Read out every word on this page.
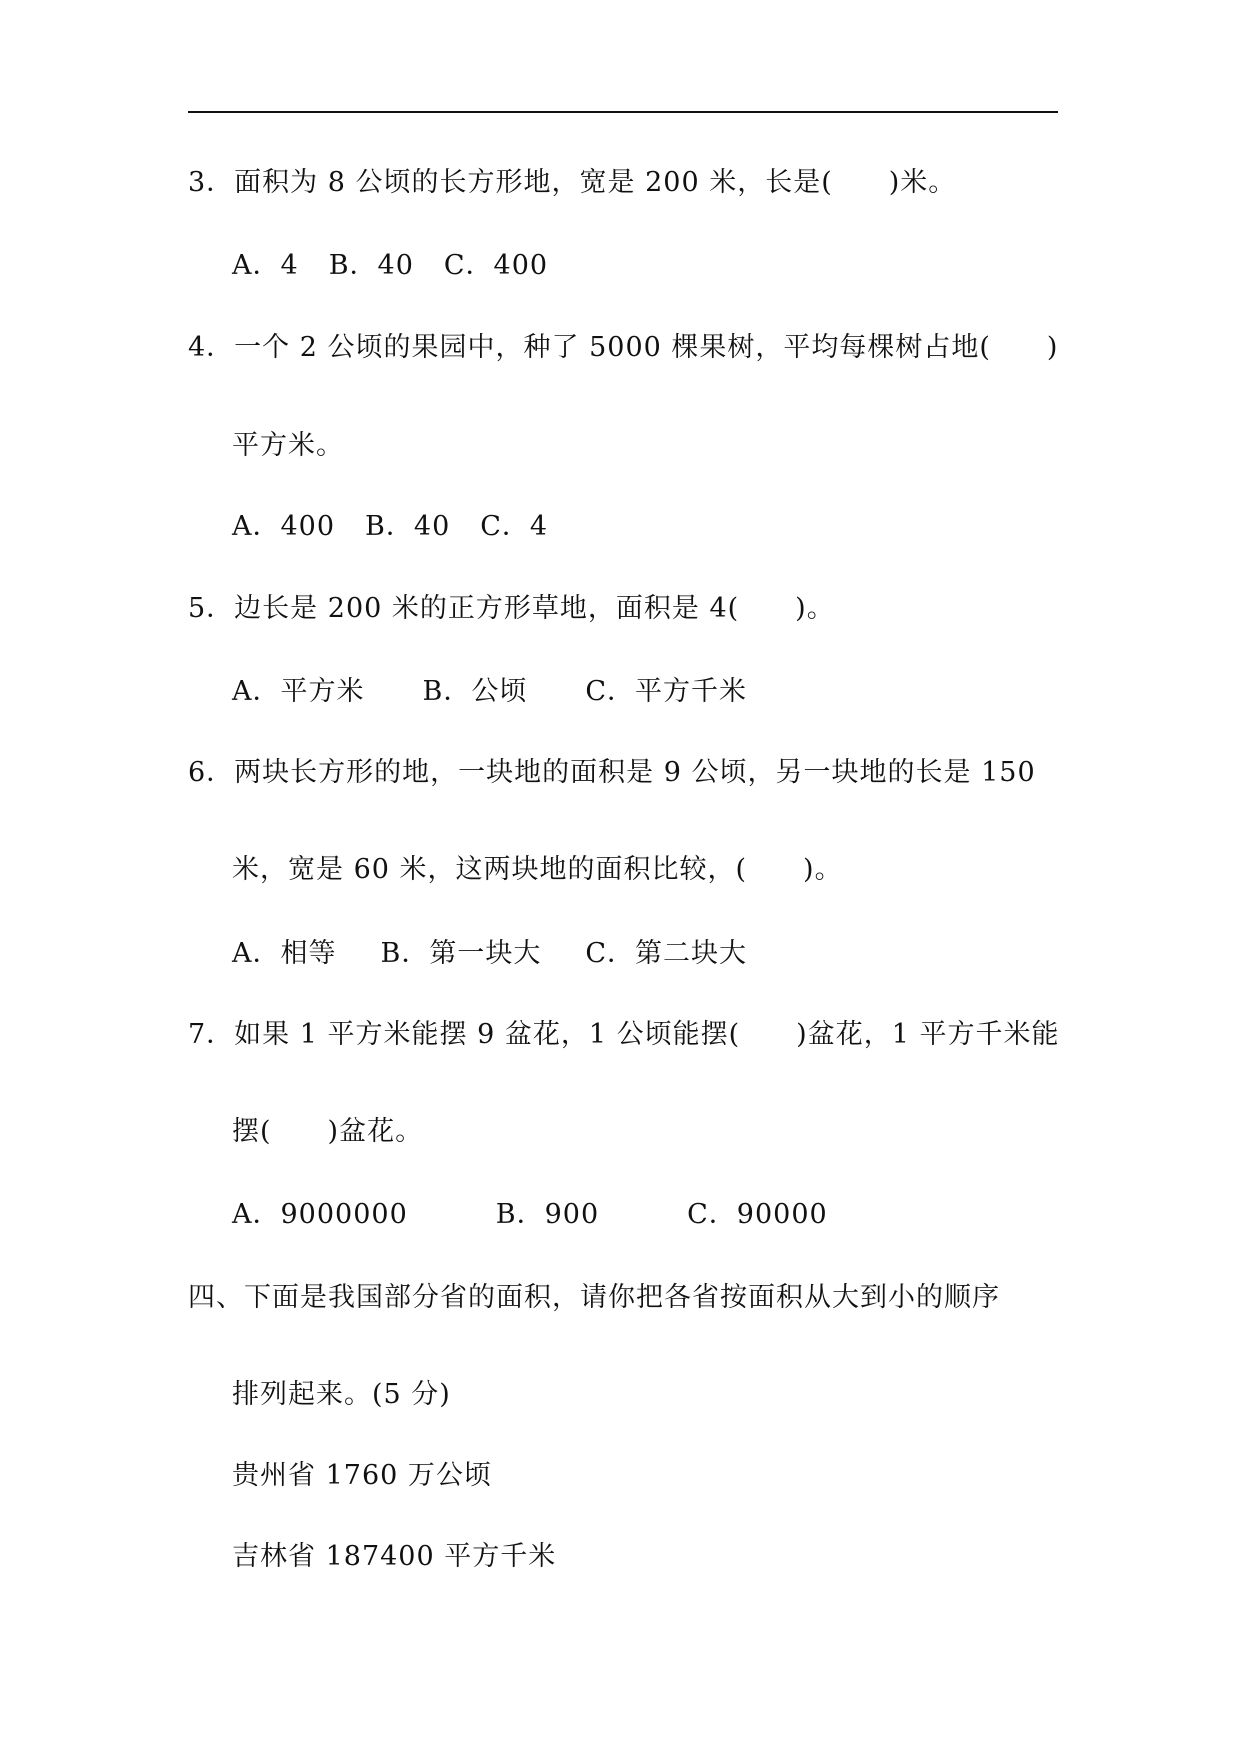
3．面积为 8 公顷的长方形地，宽是 200 米，长是(　　)米。
A．4 B．40 C．400
4．一个 2 公顷的果园中，种了 5000 棵果树，平均每棵树占地(　　)
平方米。
A．400 B．40 C．4
5．边长是 200 米的正方形草地，面积是 4(　　)。
A．平方米 B．公顷 C．平方千米
6．两块长方形的地，一块地的面积是 9 公顷，另一块地的长是 150
米，宽是 60 米，这两块地的面积比较，(　　)。
A．相等 B．第一块大 C．第二块大
7．如果 1 平方米能摆 9 盆花，1 公顷能摆(　　)盆花，1 平方千米能
摆(　　)盆花。
A．9000000	B．900	C．90000
四、下面是我国部分省的面积，请你把各省按面积从大到小的顺序
排列起来。(5 分)
贵州省 1760 万公顷
吉林省 187400 平方千米
